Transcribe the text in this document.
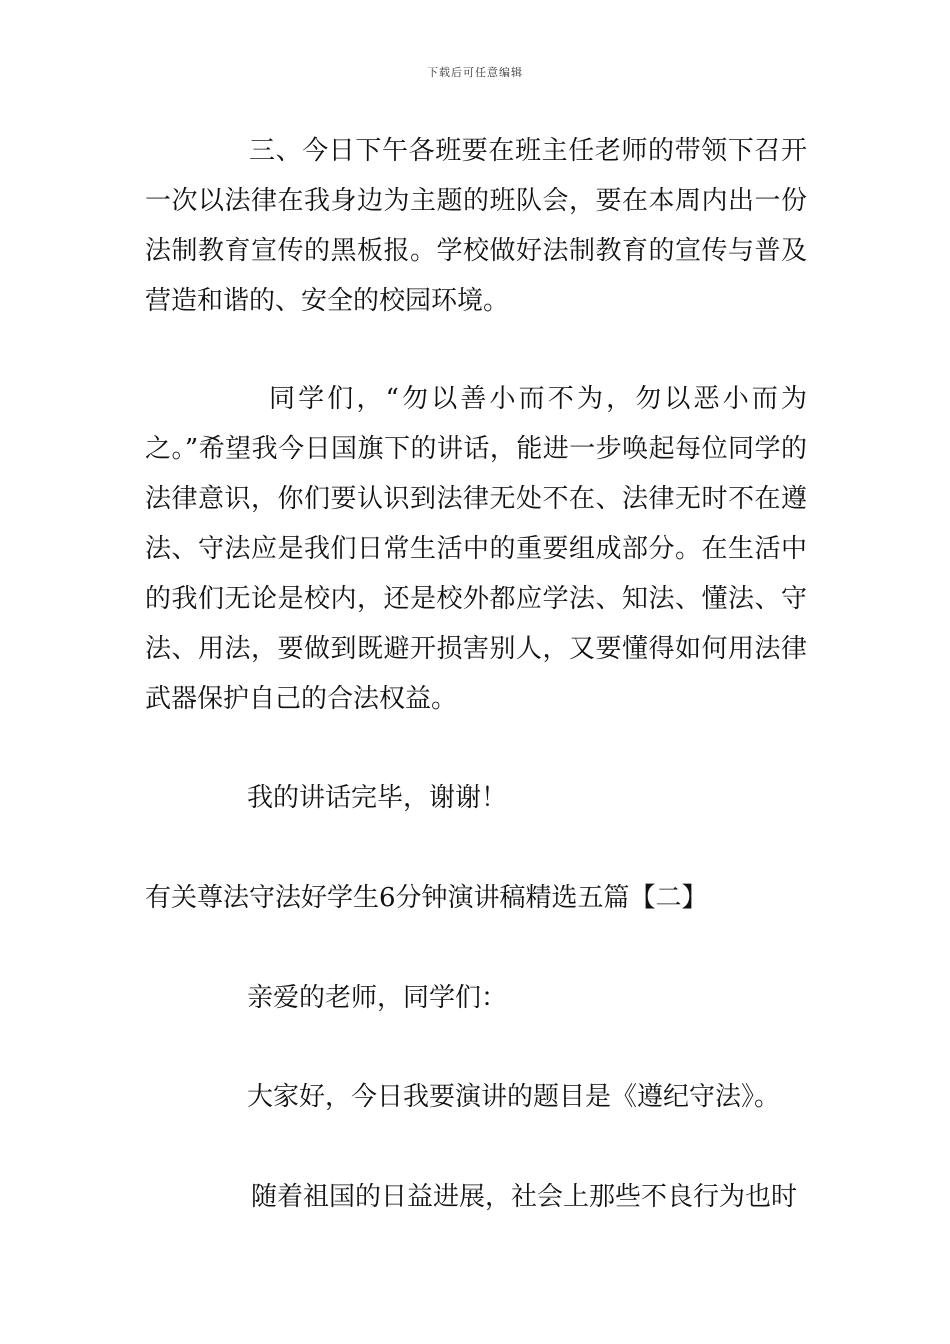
下载后可任意编辑

三、今日下午各班要在班主任老师的带领下召开一次以法律在我身边为主题的班队会，要在本周内出一份法制教育宣传的黑板报。学校做好法制教育的宣传与普及营造和谐的、安全的校园环境。

同学们，“勿以善小而不为，勿以恶小而为之。”希望我今日国旗下的讲话，能进一步唤起每位同学的法律意识，你们要认识到法律无处不在、法律无时不在遵法、守法应是我们日常生活中的重要组成部分。在生活中的我们无论是校内，还是校外都应学法、知法、懂法、守法、用法，要做到既避开损害别人，又要懂得如何用法律武器保护自己的合法权益。

我的讲话完毕，谢谢！

有关尊法守法好学生6分钟演讲稿精选五篇【二】

亲爱的老师，同学们：

大家好，今日我要演讲的题目是《遵纪守法》。

随着祖国的日益进展，社会上那些不良行为也时
